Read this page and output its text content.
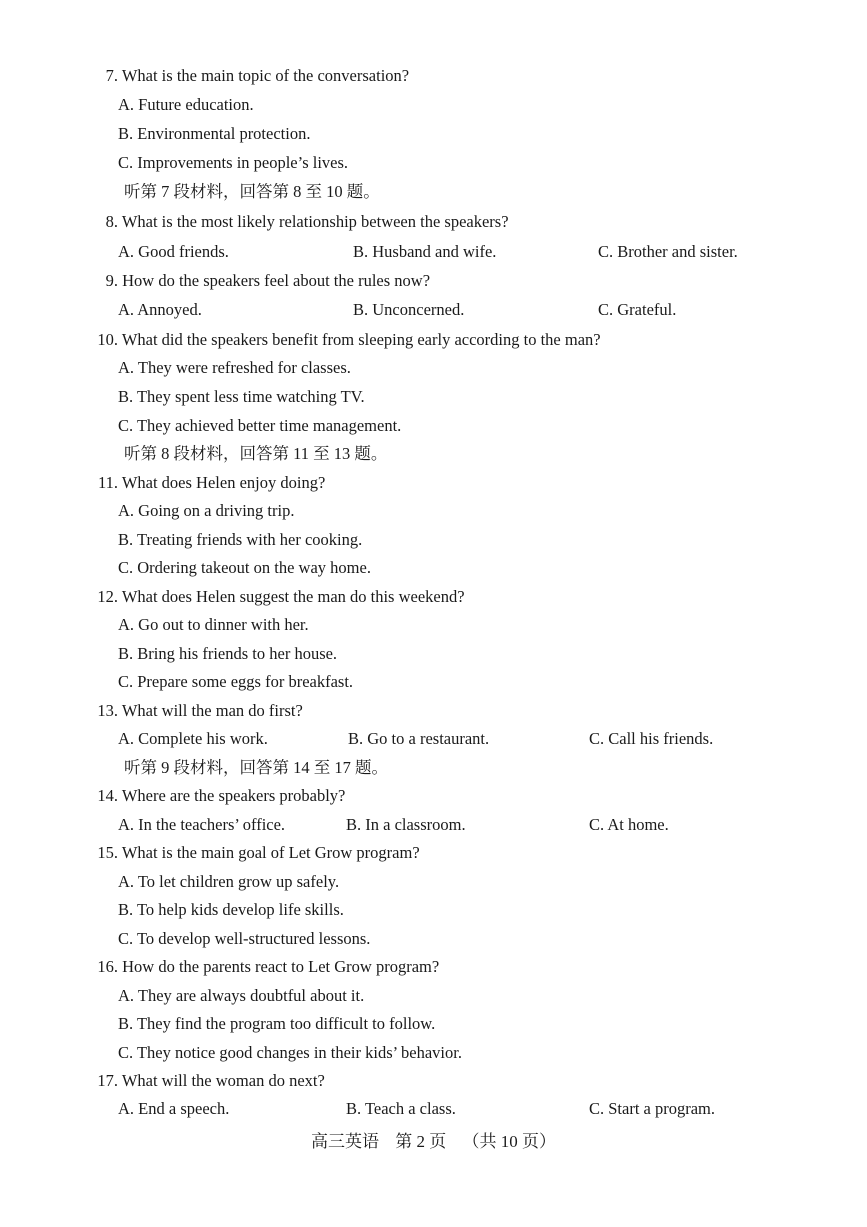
7. What is the main topic of the conversation?
A. Future education.
B. Environmental protection.
C. Improvements in people’s lives.
听第 7 段材料，回答第 8 至 10 题。
8. What is the most likely relationship between the speakers?
A. Good friends.	B. Husband and wife.	C. Brother and sister.
9. How do the speakers feel about the rules now?
A. Annoyed.	B. Unconcerned.	C. Grateful.
10. What did the speakers benefit from sleeping early according to the man?
A. They were refreshed for classes.
B. They spent less time watching TV.
C. They achieved better time management.
听第 8 段材料，回答第 11 至 13 题。
11. What does Helen enjoy doing?
A. Going on a driving trip.
B. Treating friends with her cooking.
C. Ordering takeout on the way home.
12. What does Helen suggest the man do this weekend?
A. Go out to dinner with her.
B. Bring his friends to her house.
C. Prepare some eggs for breakfast.
13. What will the man do first?
A. Complete his work.	B. Go to a restaurant.	C. Call his friends.
听第 9 段材料，回答第 14 至 17 题。
14. Where are the speakers probably?
A. In the teachers’ office.	B. In a classroom.	C. At home.
15. What is the main goal of Let Grow program?
A. To let children grow up safely.
B. To help kids develop life skills.
C. To develop well-structured lessons.
16. How do the parents react to Let Grow program?
A. They are always doubtful about it.
B. They find the program too difficult to follow.
C. They notice good changes in their kids’ behavior.
17. What will the woman do next?
A. End a speech.	B. Teach a class.	C. Start a program.
高三英语 第 2 页 （共 10 页）
